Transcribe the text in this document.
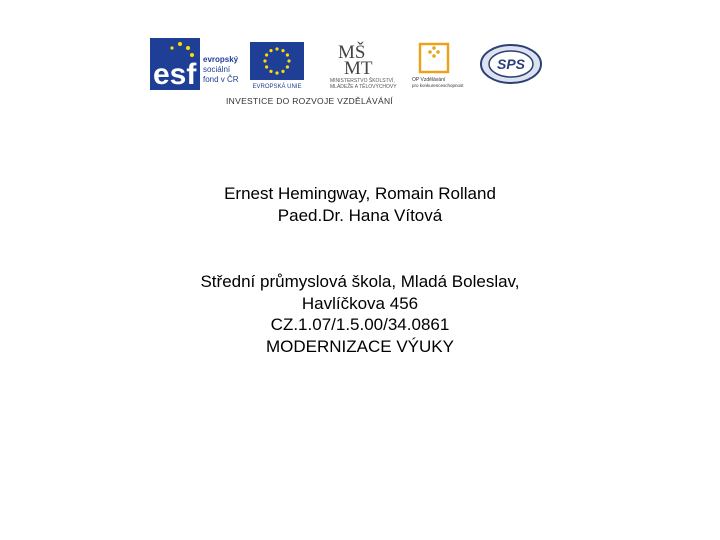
esf evropský
sociální
fond v ČR
EVROPSKÁ UNIE
MŠ
MT
MINISTERSTVO ŠKOLSTVÍ,
MLÁDEŽE A TĚLOVÝCHOVY
OP Vzdělávání
pro konkurenceschopnost
SPS
INVESTICE DO ROZVOJE VZDĚLÁVÁNÍ
Ernest Hemingway, Romain Rolland
Paed.Dr. Hana Vítová
Střední průmyslová škola, Mladá Boleslav,
Havlíčkova 456
CZ.1.07/1.5.00/34.0861
MODERNIZACE VÝUKY
